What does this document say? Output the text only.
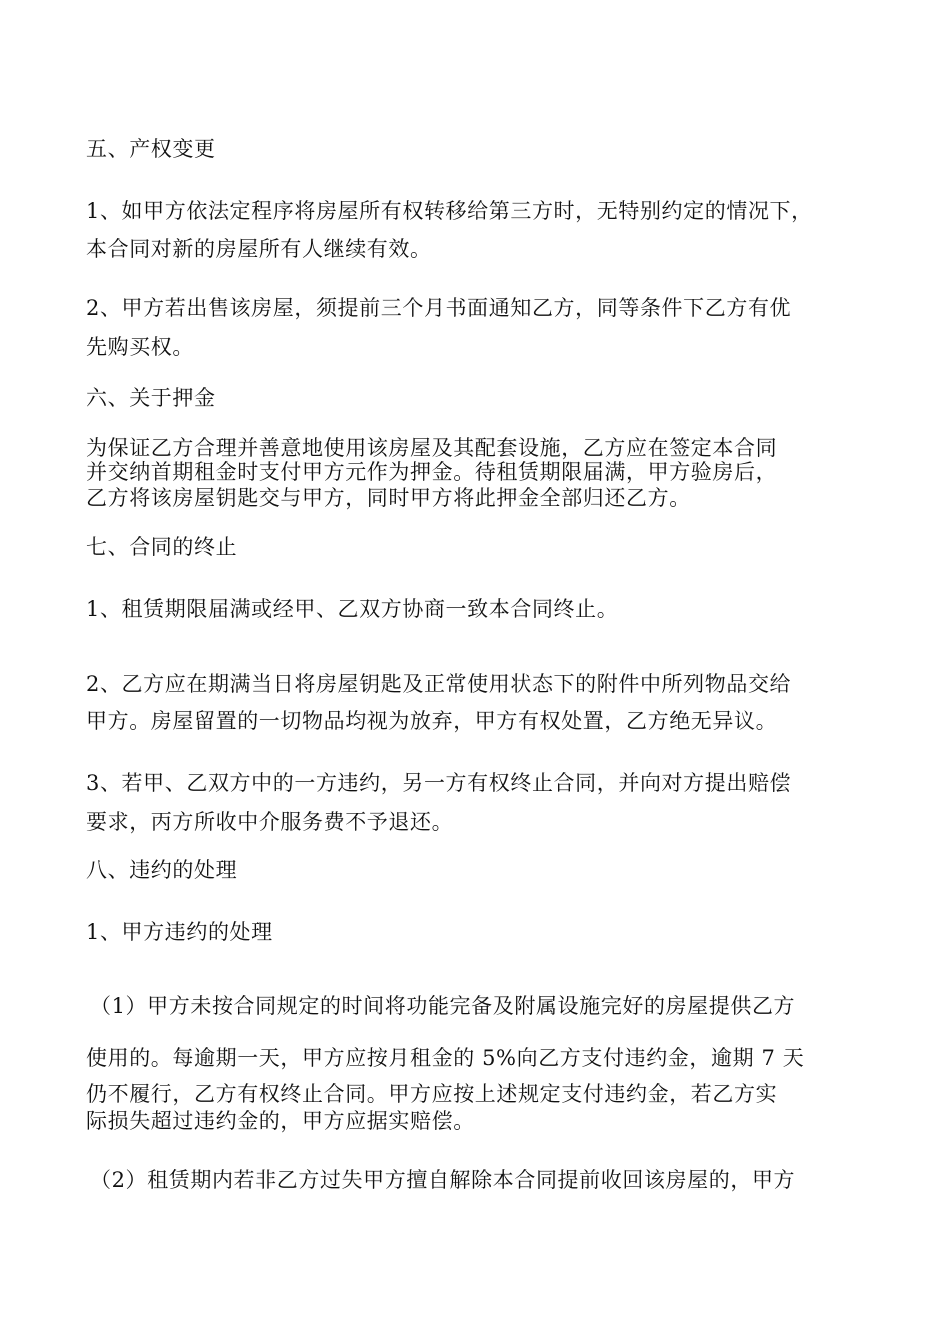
五、产权变更
1、如甲方依法定程序将房屋所有权转移给第三方时，无特别约定的情况下，
本合同对新的房屋所有人继续有效。
2、甲方若出售该房屋，须提前三个月书面通知乙方，同等条件下乙方有优
先购买权。
六、关于押金
为保证乙方合理并善意地使用该房屋及其配套设施，乙方应在签定本合同
并交纳首期租金时支付甲方元作为押金。待租赁期限届满，甲方验房后，
乙方将该房屋钥匙交与甲方，同时甲方将此押金全部归还乙方。
七、合同的终止
1、租赁期限届满或经甲、乙双方协商一致本合同终止。
2、乙方应在期满当日将房屋钥匙及正常使用状态下的附件中所列物品交给
甲方。房屋留置的一切物品均视为放弃，甲方有权处置，乙方绝无异议。
3、若甲、乙双方中的一方违约，另一方有权终止合同，并向对方提出赔偿
要求，丙方所收中介服务费不予退还。
八、违约的处理
1、甲方违约的处理
（1）甲方未按合同规定的时间将功能完备及附属设施完好的房屋提供乙方
使用的。每逾期一天，甲方应按月租金的 5%向乙方支付违约金，逾期 7 天
仍不履行，乙方有权终止合同。甲方应按上述规定支付违约金，若乙方实
际损失超过违约金的，甲方应据实赔偿。
（2）租赁期内若非乙方过失甲方擅自解除本合同提前收回该房屋的，甲方
